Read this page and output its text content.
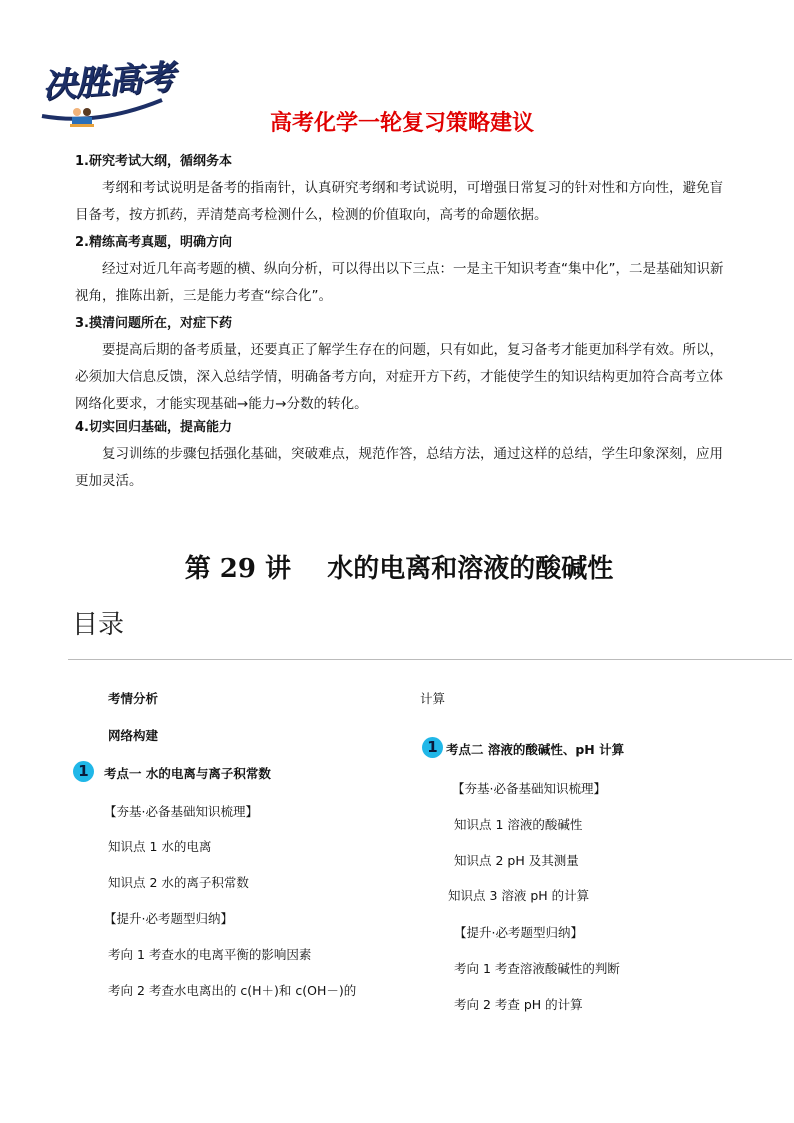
决胜高考
高考化学一轮复习策略建议
1.研究考试大纲，循纲务本
考纲和考试说明是备考的指南针，认真研究考纲和考试说明，可增强日常复习的针对性和方向性，避免盲目备考，按方抓药，弄清楚高考检测什么，检测的价值取向，高考的命题依据。
2.精练高考真题，明确方向
经过对近几年高考题的横、纵向分析，可以得出以下三点：一是主干知识考查“集中化”，二是基础知识新视角，推陈出新，三是能力考查“综合化”。
3.摸清问题所在，对症下药
要提高后期的备考质量，还要真正了解学生存在的问题，只有如此，复习备考才能更加科学有效。所以，必须加大信息反馈，深入总结学情，明确备考方向，对症开方下药，才能使学生的知识结构更加符合高考立体网络化要求，才能实现基础→能力→分数的转化。
4.切实回归基础，提高能力
复习训练的步骤包括强化基础，突破难点，规范作答，总结方法，通过这样的总结，学生印象深刻，应用更加灵活。
第 29 讲    水的电离和溶液的酸碱性
目录
考情分析
网络构建
1	考点一 水的电离与离子积常数
【夯基·必备基础知识梳理】
知识点 1 水的电离
知识点 2 水的离子积常数
【提升·必考题型归纳】
考向 1 考查水的电离平衡的影响因素
考向 2 考查水电离出的 c(H＋)和 c(OH－)的
计算
1 考点二 溶液的酸碱性、pH 计算
【夯基·必备基础知识梳理】
知识点 1 溶液的酸碱性
知识点 2 pH 及其测量
知识点 3 溶液 pH 的计算
【提升·必考题型归纳】
考向 1 考查溶液酸碱性的判断
考向 2 考查 pH 的计算
